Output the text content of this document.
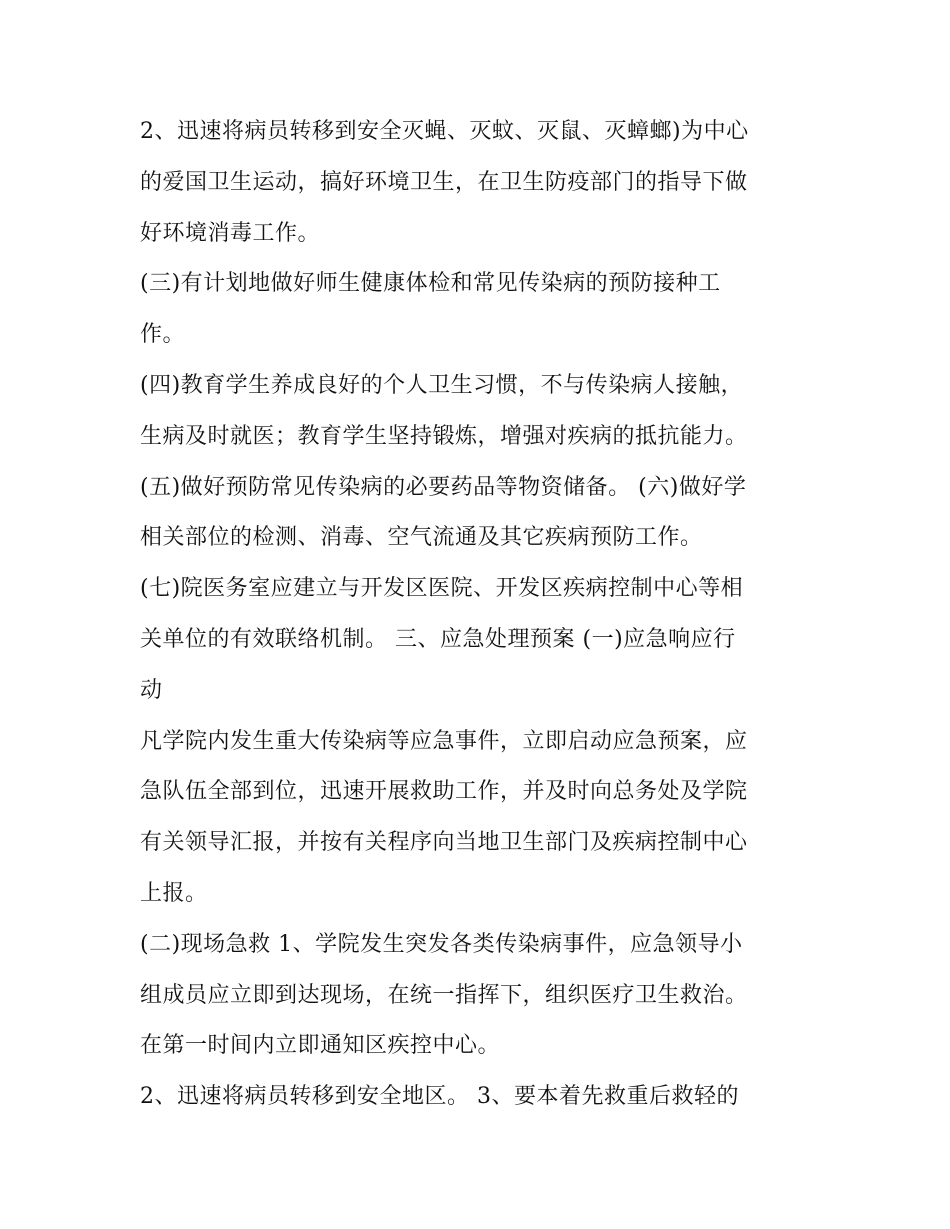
2、迅速将病员转移到安全灭蝇、灭蚊、灭鼠、灭蟑螂)为中心
的爱国卫生运动，搞好环境卫生，在卫生防疫部门的指导下做
好环境消毒工作。
(三)有计划地做好师生健康体检和常见传染病的预防接种工
作。
(四)教育学生养成良好的个人卫生习惯，不与传染病人接触，
生病及时就医；教育学生坚持锻炼，增强对疾病的抵抗能力。
(五)做好预防常见传染病的必要药品等物资储备。 (六)做好学
相关部位的检测、消毒、空气流通及其它疾病预防工作。
(七)院医务室应建立与开发区医院、开发区疾病控制中心等相
关单位的有效联络机制。 三、应急处理预案 (一)应急响应行
动
凡学院内发生重大传染病等应急事件，立即启动应急预案，应
急队伍全部到位，迅速开展救助工作，并及时向总务处及学院
有关领导汇报，并按有关程序向当地卫生部门及疾病控制中心
上报。
(二)现场急救 1、学院发生突发各类传染病事件，应急领导小
组成员应立即到达现场，在统一指挥下，组织医疗卫生救治。
在第一时间内立即通知区疾控中心。
2、迅速将病员转移到安全地区。 3、要本着先救重后救轻的
